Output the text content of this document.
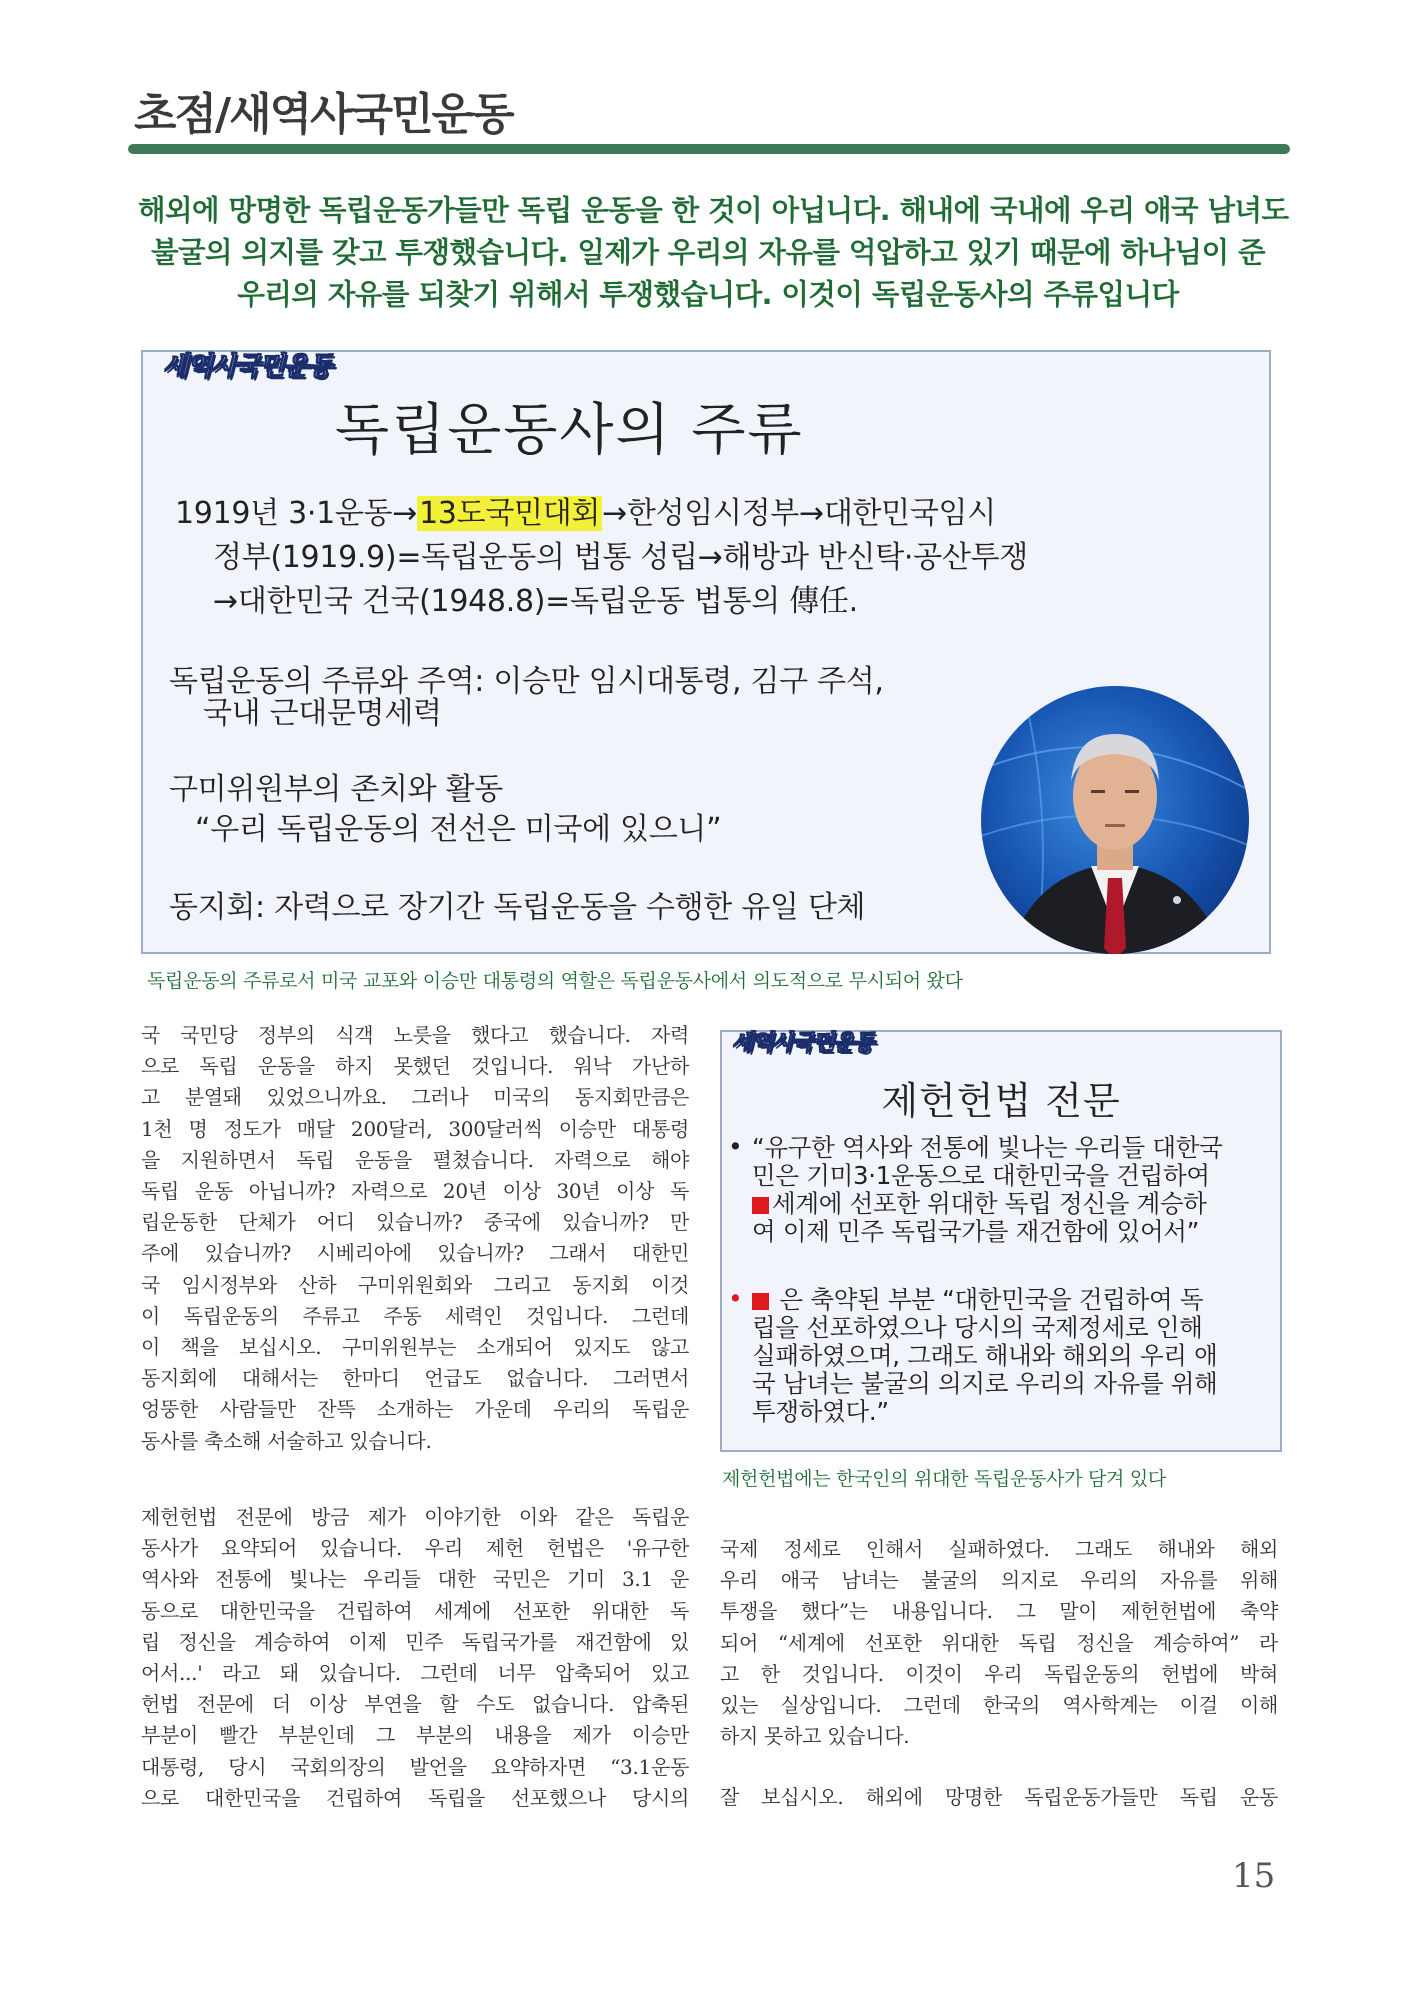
초점/새역사국민운동
해외에 망명한 독립운동가들만 독립 운동을 한 것이 아닙니다. 해내에 국내에 우리 애국 남녀도
불굴의 의지를 갖고 투쟁했습니다. 일제가 우리의 자유를 억압하고 있기 때문에 하나님이 준
우리의 자유를 되찾기 위해서 투쟁했습니다. 이것이 독립운동사의 주류입니다
새역사국민운동
독립운동사의 주류
1919년 3·1운동→13도국민대회→한성임시정부→대한민국임시
정부(1919.9)=독립운동의 법통 성립→해방과 반신탁·공산투쟁
→대한민국 건국(1948.8)=독립운동 법통의 傳任.
독립운동의 주류와 주역: 이승만 임시대통령, 김구 주석,
국내 근대문명세력
구미위원부의 존치와 활동
“우리 독립운동의 전선은 미국에 있으니”
동지회: 자력으로 장기간 독립운동을 수행한 유일 단체
독립운동의 주류로서 미국 교포와 이승만 대통령의 역할은 독립운동사에서 의도적으로 무시되어 왔다
국 국민당 정부의 식객 노릇을 했다고 했습니다. 자력
으로 독립 운동을 하지 못했던 것입니다. 워낙 가난하
고 분열돼 있었으니까요. 그러나 미국의 동지회만큼은
1천 명 정도가 매달 200달러, 300달러씩 이승만 대통령
을 지원하면서 독립 운동을 펼쳤습니다. 자력으로 해야
독립 운동 아닙니까? 자력으로 20년 이상 30년 이상 독
립운동한 단체가 어디 있습니까? 중국에 있습니까? 만
주에 있습니까? 시베리아에 있습니까? 그래서 대한민
국 임시정부와 산하 구미위원회와 그리고 동지회 이것
이 독립운동의 주류고 주동 세력인 것입니다. 그런데
이 책을 보십시오. 구미위원부는 소개되어 있지도 않고
동지회에 대해서는 한마디 언급도 없습니다. 그러면서
엉뚱한 사람들만 잔뜩 소개하는 가운데 우리의 독립운
동사를 축소해 서술하고 있습니다.
제헌헌법 전문에 방금 제가 이야기한 이와 같은 독립운
동사가 요약되어 있습니다. 우리 제헌 헌법은 '유구한
역사와 전통에 빛나는 우리들 대한 국민은 기미 3.1 운
동으로 대한민국을 건립하여 세계에 선포한 위대한 독
립 정신을 계승하여 이제 민주 독립국가를 재건함에 있
어서...' 라고 돼 있습니다. 그런데 너무 압축되어 있고
헌법 전문에 더 이상 부연을 할 수도 없습니다. 압축된
부분이 빨간 부분인데 그 부분의 내용을 제가 이승만
대통령, 당시 국회의장의 발언을 요약하자면 “3.1운동
으로 대한민국을 건립하여 독립을 선포했으나 당시의
새역사국민운동
제헌헌법 전문
• “유구한 역사와 전통에 빛나는 우리들 대한국
민은 기미3·1운동으로 대한민국을 건립하여
세계에 선포한 위대한 독립 정신을 계승하
여 이제 민주 독립국가를 재건함에 있어서”
•	은 축약된 부분 “대한민국을 건립하여 독
립을 선포하였으나 당시의 국제정세로 인해
실패하였으며, 그래도 해내와 해외의 우리 애
국 남녀는 불굴의 의지로 우리의 자유를 위해
투쟁하였다.”
제헌헌법에는 한국인의 위대한 독립운동사가 담겨 있다
국제 정세로 인해서 실패하였다. 그래도 해내와 해외
우리 애국 남녀는 불굴의 의지로 우리의 자유를 위해
투쟁을 했다”는 내용입니다. 그 말이 제헌헌법에 축약
되어 “세계에 선포한 위대한 독립 정신을 계승하여” 라
고 한 것입니다. 이것이 우리 독립운동의 헌법에 박혀
있는 실상입니다. 그런데 한국의 역사학계는 이걸 이해
하지 못하고 있습니다.
잘 보십시오. 해외에 망명한 독립운동가들만 독립 운동
15
